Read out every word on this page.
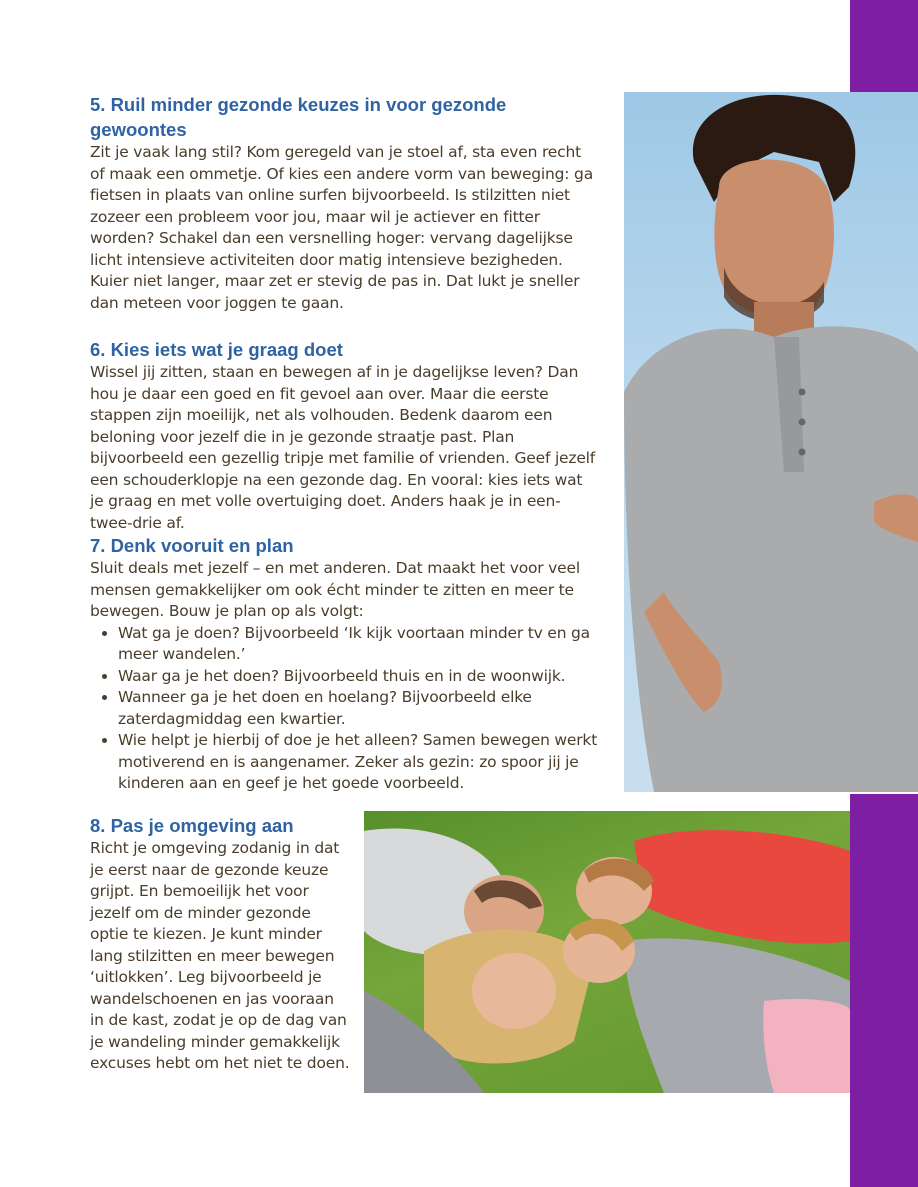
5. Ruil minder gezonde keuzes in voor gezonde gewoontes

Zit je vaak lang stil? Kom geregeld van je stoel af, sta even recht of maak een ommetje. Of kies een andere vorm van beweging: ga fietsen in plaats van online surfen bijvoorbeeld. Is stilzitten niet zozeer een probleem voor jou, maar wil je actiever en fitter worden? Schakel dan een versnelling hoger: vervang dagelijkse licht intensieve activiteiten door matig intensieve bezigheden. Kuier niet langer, maar zet er stevig de pas in. Dat lukt je sneller dan meteen voor joggen te gaan.

6. Kies iets wat je graag doet

Wissel jij zitten, staan en bewegen af in je dagelijkse leven? Dan hou je daar een goed en fit gevoel aan over. Maar die eerste stappen zijn moeilijk, net als volhouden. Bedenk daarom een beloning voor jezelf die in je gezonde straatje past. Plan bijvoorbeeld een gezellig tripje met familie of vrienden. Geef jezelf een schouderklopje na een gezonde dag. En vooral: kies iets wat je graag en met volle overtuiging doet. Anders haak je in een-twee-drie af.

7. Denk vooruit en plan

Sluit deals met jezelf – en met anderen. Dat maakt het voor veel mensen gemakkelijker om ook écht minder te zitten en meer te bewegen. Bouw je plan op als volgt:

• Wat ga je doen? Bijvoorbeeld ‘Ik kijk voortaan minder tv en ga meer wandelen.’
• Waar ga je het doen? Bijvoorbeeld thuis en in de woonwijk.
• Wanneer ga je het doen en hoelang? Bijvoorbeeld elke zaterdagmiddag een kwartier.
• Wie helpt je hierbij of doe je het alleen? Samen bewegen werkt motiverend en is aangenamer. Zeker als gezin: zo spoor jij je kinderen aan en geef je het goede voorbeeld.
8. Pas je omgeving aan

Richt je omgeving zodanig in dat je eerst naar de gezonde keuze grijpt. En bemoeilijk het voor jezelf om de minder gezonde optie te kiezen. Je kunt minder lang stilzitten en meer bewegen ‘uitlokken’. Leg bijvoorbeeld je wandelschoenen en jas vooraan in de kast, zodat je op de dag van je wandeling minder gemakkelijk excuses hebt om het niet te doen.
